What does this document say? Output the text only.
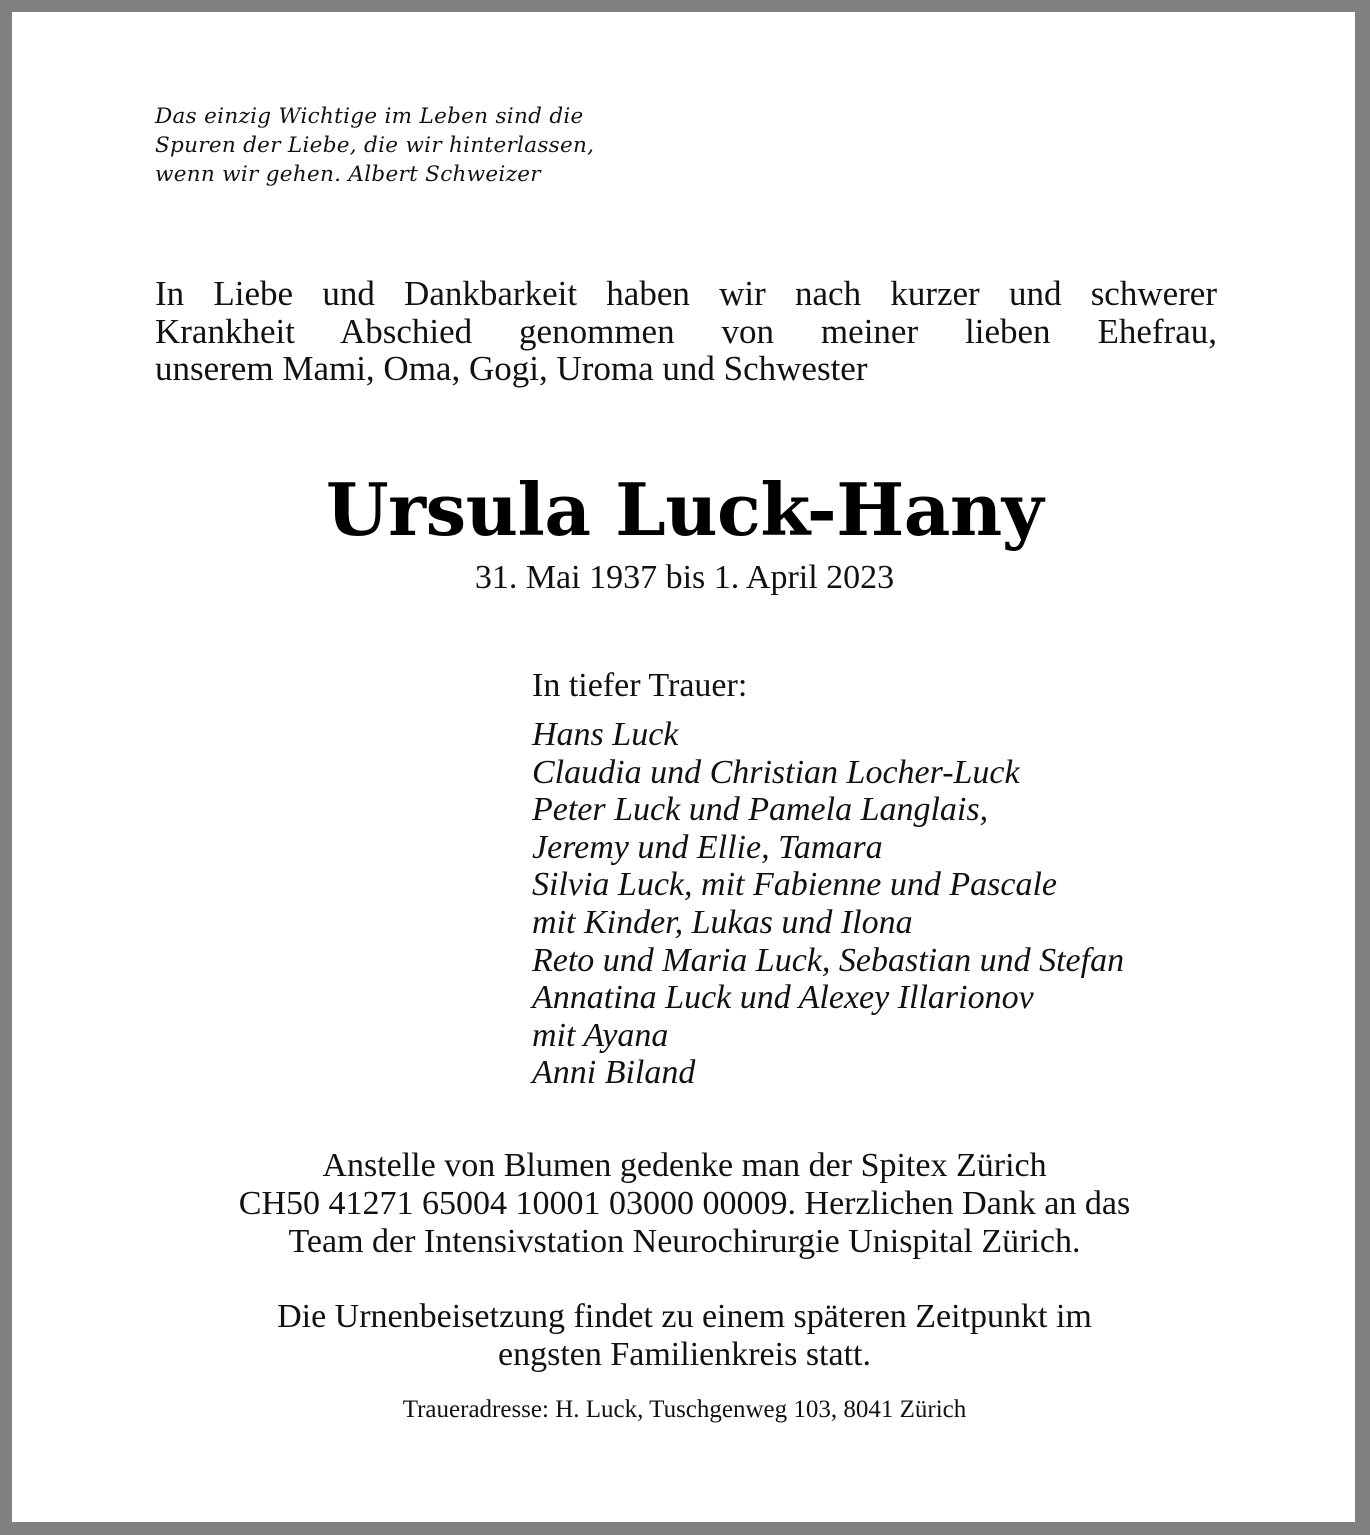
Das einzig Wichtige im Leben sind die
Spuren der Liebe, die wir hinterlassen,
wenn wir gehen. Albert Schweizer
In Liebe und Dankbarkeit haben wir nach kurzer und schwerer
Krankheit Abschied genommen von meiner lieben Ehefrau,
unserem Mami, Oma, Gogi, Uroma und Schwester
Ursula Luck-Hany
31. Mai 1937 bis 1. April 2023
In tiefer Trauer:
Hans Luck
Claudia und Christian Locher-Luck
Peter Luck und Pamela Langlais,
Jeremy und Ellie, Tamara
Silvia Luck, mit Fabienne und Pascale
mit Kinder, Lukas und Ilona
Reto und Maria Luck, Sebastian und Stefan
Annatina Luck und Alexey Illarionov
mit Ayana
Anni Biland
Anstelle von Blumen gedenke man der Spitex Zürich
CH50 41271 65004 10001 03000 00009. Herzlichen Dank an das
Team der Intensivstation Neurochirurgie Unispital Zürich.
Die Urnenbeisetzung findet zu einem späteren Zeitpunkt im
engsten Familienkreis statt.
Traueradresse: H. Luck, Tuschgenweg 103, 8041 Zürich
